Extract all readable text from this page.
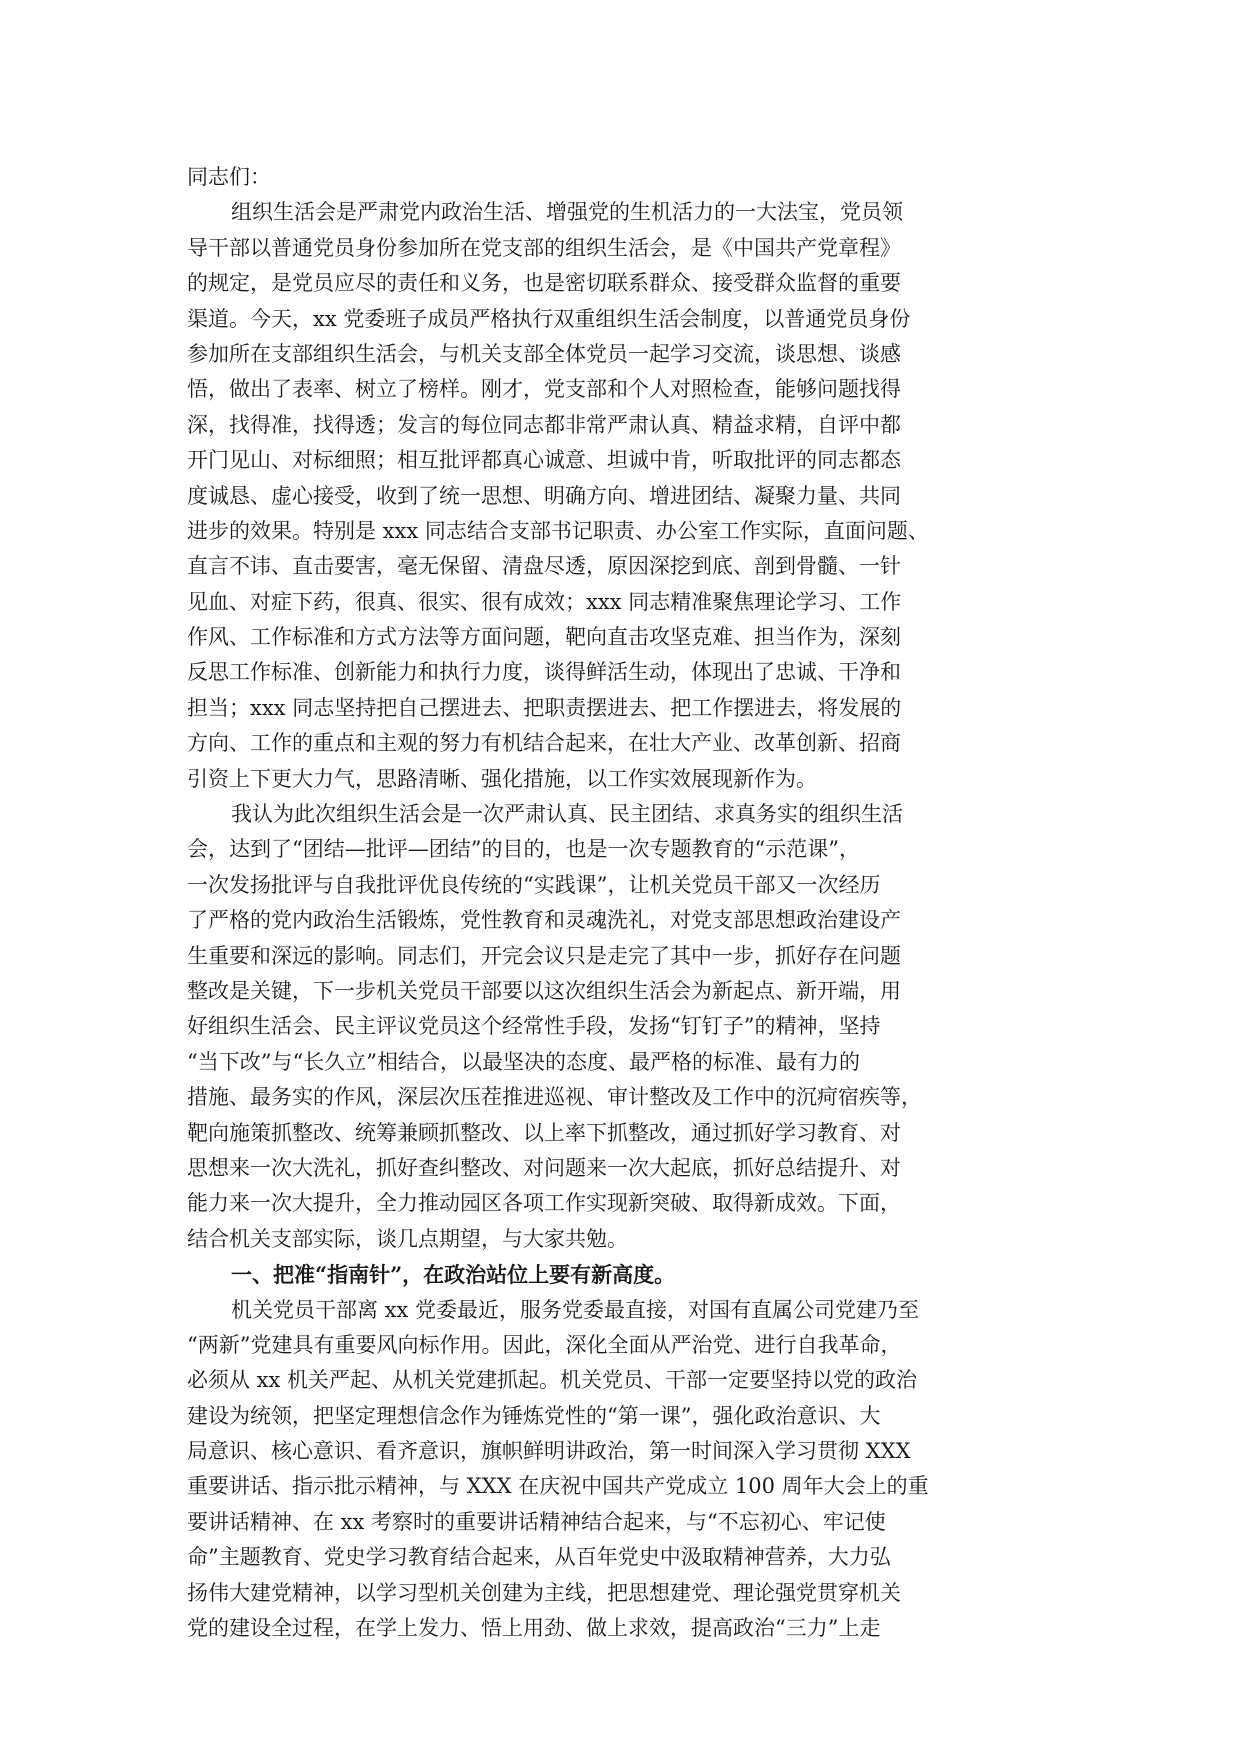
同志们：
组织生活会是严肃党内政治生活、增强党的生机活力的一大法宝，党员领
导干部以普通党员身份参加所在党支部的组织生活会，是《中国共产党章程》
的规定，是党员应尽的责任和义务，也是密切联系群众、接受群众监督的重要
渠道。今天，xx 党委班子成员严格执行双重组织生活会制度，以普通党员身份
参加所在支部组织生活会，与机关支部全体党员一起学习交流，谈思想、谈感
悟，做出了表率、树立了榜样。刚才，党支部和个人对照检查，能够问题找得
深，找得准，找得透；发言的每位同志都非常严肃认真、精益求精，自评中都
开门见山、对标细照；相互批评都真心诚意、坦诚中肯，听取批评的同志都态
度诚恳、虚心接受，收到了统一思想、明确方向、增进团结、凝聚力量、共同
进步的效果。特别是 xxx 同志结合支部书记职责、办公室工作实际，直面问题、
直言不讳、直击要害，毫无保留、清盘尽透，原因深挖到底、剖到骨髓、一针
见血、对症下药，很真、很实、很有成效；xxx 同志精准聚焦理论学习、工作
作风、工作标准和方式方法等方面问题，靶向直击攻坚克难、担当作为，深刻
反思工作标准、创新能力和执行力度，谈得鲜活生动，体现出了忠诚、干净和
担当；xxx 同志坚持把自己摆进去、把职责摆进去、把工作摆进去，将发展的
方向、工作的重点和主观的努力有机结合起来，在壮大产业、改革创新、招商
引资上下更大力气，思路清晰、强化措施，以工作实效展现新作为。
我认为此次组织生活会是一次严肃认真、民主团结、求真务实的组织生活
会，达到了“团结—批评—团结”的目的，也是一次专题教育的“示范课”，
一次发扬批评与自我批评优良传统的“实践课”，让机关党员干部又一次经历
了严格的党内政治生活锻炼，党性教育和灵魂洗礼，对党支部思想政治建设产
生重要和深远的影响。同志们，开完会议只是走完了其中一步，抓好存在问题
整改是关键，下一步机关党员干部要以这次组织生活会为新起点、新开端，用
好组织生活会、民主评议党员这个经常性手段，发扬“钉钉子”的精神，坚持
“当下改”与“长久立”相结合，以最坚决的态度、最严格的标准、最有力的
措施、最务实的作风，深层次压茬推进巡视、审计整改及工作中的沉疴宿疾等，
靶向施策抓整改、统筹兼顾抓整改、以上率下抓整改，通过抓好学习教育、对
思想来一次大洗礼，抓好查纠整改、对问题来一次大起底，抓好总结提升、对
能力来一次大提升，全力推动园区各项工作实现新突破、取得新成效。下面，
结合机关支部实际，谈几点期望，与大家共勉。
一、把准“指南针”，在政治站位上要有新高度。
机关党员干部离 xx 党委最近，服务党委最直接，对国有直属公司党建乃至
“两新”党建具有重要风向标作用。因此，深化全面从严治党、进行自我革命，
必须从 xx 机关严起、从机关党建抓起。机关党员、干部一定要坚持以党的政治
建设为统领，把坚定理想信念作为锤炼党性的“第一课”，强化政治意识、大
局意识、核心意识、看齐意识，旗帜鲜明讲政治，第一时间深入学习贯彻 XXX
重要讲话、指示批示精神，与 XXX 在庆祝中国共产党成立 100 周年大会上的重
要讲话精神、在 xx 考察时的重要讲话精神结合起来，与“不忘初心、牢记使
命”主题教育、党史学习教育结合起来，从百年党史中汲取精神营养，大力弘
扬伟大建党精神，以学习型机关创建为主线，把思想建党、理论强党贯穿机关
党的建设全过程，在学上发力、悟上用劲、做上求效，提高政治“三力”上走
